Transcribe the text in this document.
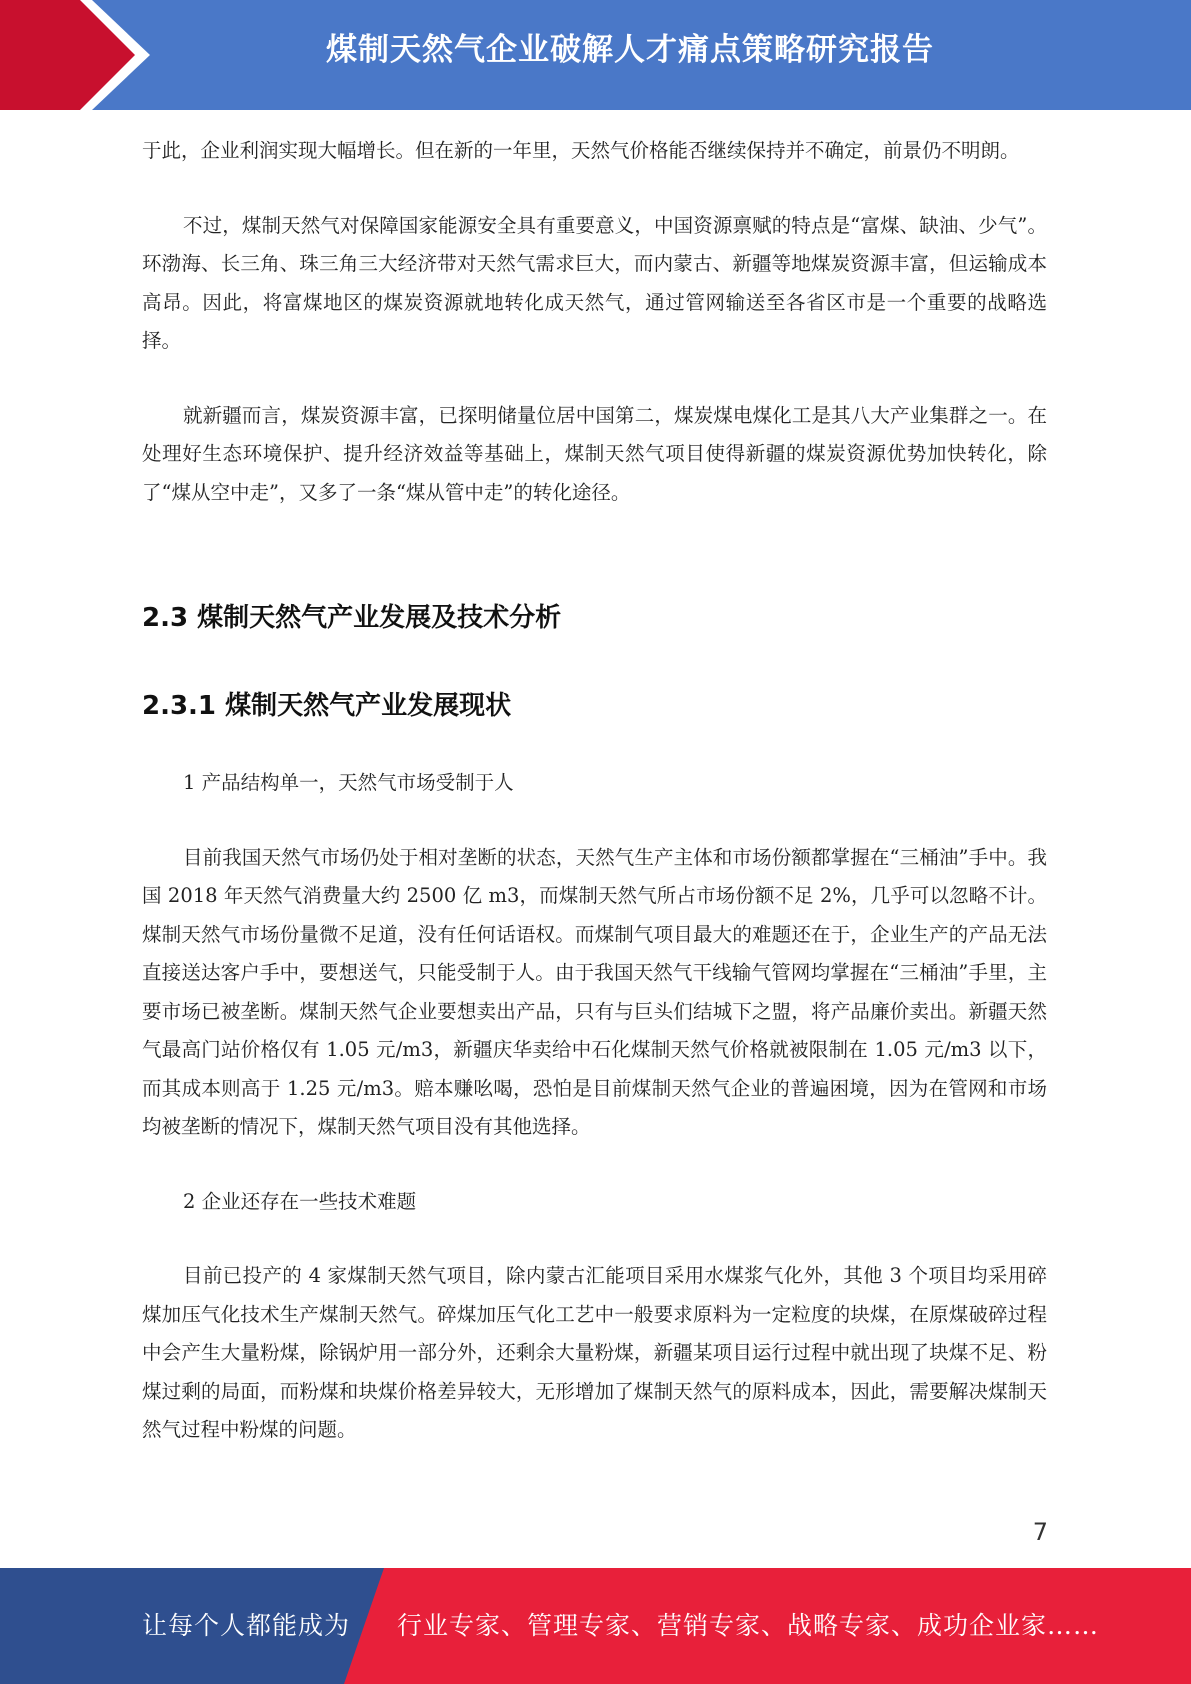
煤制天然气企业破解人才痛点策略研究报告

于此，企业利润实现大幅增长。但在新的一年里，天然气价格能否继续保持并不确定，前景仍不明朗。

不过，煤制天然气对保障国家能源安全具有重要意义，中国资源禀赋的特点是“富煤、缺油、少气”。环渤海、长三角、珠三角三大经济带对天然气需求巨大，而内蒙古、新疆等地煤炭资源丰富，但运输成本高昂。因此，将富煤地区的煤炭资源就地转化成天然气，通过管网输送至各省区市是一个重要的战略选择。

就新疆而言，煤炭资源丰富，已探明储量位居中国第二，煤炭煤电煤化工是其八大产业集群之一。在处理好生态环境保护、提升经济效益等基础上，煤制天然气项目使得新疆的煤炭资源优势加快转化，除了“煤从空中走”，又多了一条“煤从管中走”的转化途径。

2.3 煤制天然气产业发展及技术分析
2.3.1 煤制天然气产业发展现状

1 产品结构单一，天然气市场受制于人

目前我国天然气市场仍处于相对垄断的状态，天然气生产主体和市场份额都掌握在“三桶油”手中。我国 2018 年天然气消费量大约 2500 亿 m3，而煤制天然气所占市场份额不足 2%，几乎可以忽略不计。煤制天然气市场份量微不足道，没有任何话语权。而煤制气项目最大的难题还在于，企业生产的产品无法直接送达客户手中，要想送气，只能受制于人。由于我国天然气干线输气管网均掌握在“三桶油”手里，主要市场已被垄断。煤制天然气企业要想卖出产品，只有与巨头们结城下之盟，将产品廉价卖出。新疆天然气最高门站价格仅有 1.05 元/m3，新疆庆华卖给中石化煤制天然气价格就被限制在 1.05 元/m3 以下，而其成本则高于 1.25 元/m3。赔本赚吆喝，恐怕是目前煤制天然气企业的普遍困境，因为在管网和市场均被垄断的情况下，煤制天然气项目没有其他选择。

2 企业还存在一些技术难题

目前已投产的 4 家煤制天然气项目，除内蒙古汇能项目采用水煤浆气化外，其他 3 个项目均采用碎煤加压气化技术生产煤制天然气。碎煤加压气化工艺中一般要求原料为一定粒度的块煤，在原煤破碎过程中会产生大量粉煤，除锅炉用一部分外，还剩余大量粉煤，新疆某项目运行过程中就出现了块煤不足、粉煤过剩的局面，而粉煤和块煤价格差异较大，无形增加了煤制天然气的原料成本，因此，需要解决煤制天然气过程中粉煤的问题。

7
让每个人都能成为 行业专家、管理专家、营销专家、战略专家、成功企业家……
